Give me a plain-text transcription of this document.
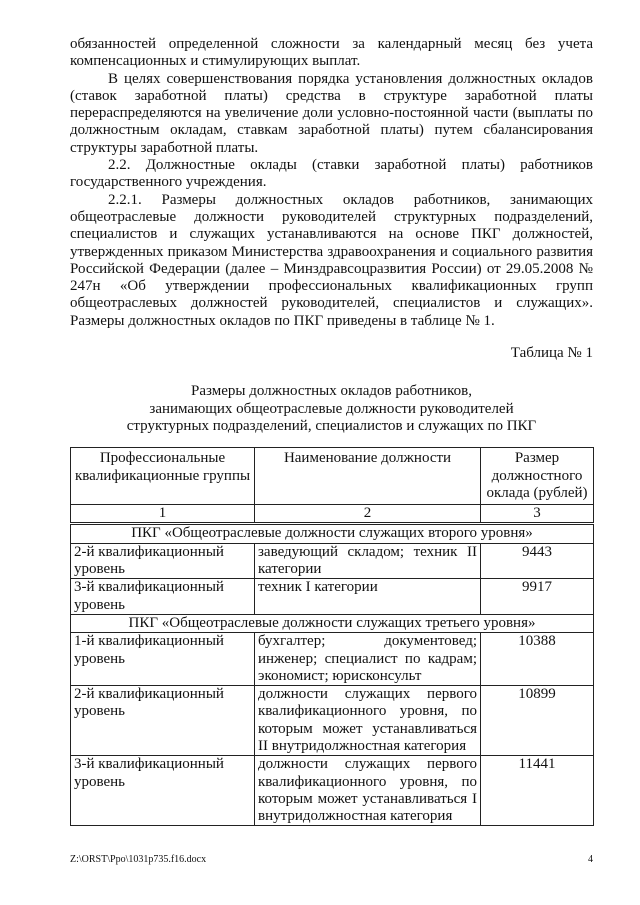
обязанностей определенной сложности за календарный месяц без учета компенсационных и стимулирующих выплат.

В целях совершенствования порядка установления должностных окладов (ставок заработной платы) средства в структуре заработной платы перераспределяются на увеличение доли условно-постоянной части (выплаты по должностным окладам, ставкам заработной платы) путем сбалансирования структуры заработной платы.

2.2. Должностные оклады (ставки заработной платы) работников государственного учреждения.

2.2.1. Размеры должностных окладов работников, занимающих общеотраслевые должности руководителей структурных подразделений, специалистов и служащих устанавливаются на основе ПКГ должностей, утвержденных приказом Министерства здравоохранения и социального развития Российской Федерации (далее – Минздравсоцразвития России) от 29.05.2008 № 247н «Об утверждении профессиональных квалификационных групп общеотраслевых должностей руководителей, специалистов и служащих». Размеры должностных окладов по ПКГ приведены в таблице № 1.

Таблица № 1

Размеры должностных окладов работников,
занимающих общеотраслевые должности руководителей
структурных подразделений, специалистов и служащих по ПКГ
Профессиональные квалификационные группы	Наименование должности	Размер должностного оклада (рублей)
1	2	3
ПКГ «Общеотраслевые должности служащих второго уровня»		
2-й квалификационный уровень	заведующий складом; техник II категории	9443
3-й квалификационный уровень	техник I категории	9917
ПКГ «Общеотраслевые должности служащих третьего уровня»		
1-й квалификационный уровень	бухгалтер; документовед; инженер; специалист по кадрам; экономист; юрисконсульт	10388
2-й квалификационный уровень	должности служащих первого квалификационного уровня, по которым может устанавливаться II внутридолжностная категория	10899
3-й квалификационный уровень	должности служащих первого квалификационного уровня, по которым может устанавливаться I внутридолжностная категория	11441
Z:\ORST\Ppo\1031p735.f16.docx	4
